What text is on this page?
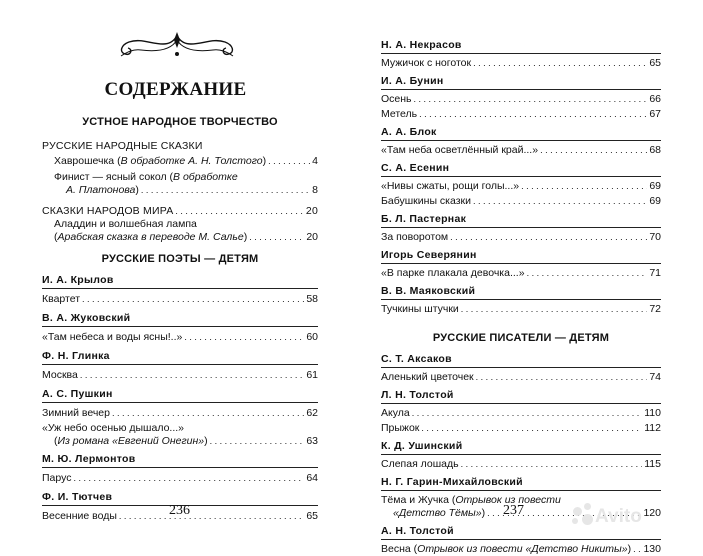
СОДЕРЖАНИЕ
УСТНОЕ НАРОДНОЕ ТВОРЧЕСТВО
РУССКИЕ НАРОДНЫЕ СКАЗКИ
Хаврошечка (В обработке А. Н. Толстого) . . .	4
Финист — ясный сокол (В обработке
А. Платонова) . . .	8
СКАЗКИ НАРОДОВ МИРА . . .	20
Аладдин и волшебная лампа
(Арабская сказка в переводе М. Салье) . . .	20
РУССКИЕ ПОЭТЫ — ДЕТЯМ
И. А. Крылов
Квартет . . .	58
В. А. Жуковский
«Там небеса и воды ясны!..» . . .	60
Ф. Н. Глинка
Москва . . .	61
А. С. Пушкин
Зимний вечер . . .	62
«Уж небо осенью дышало...»
(Из романа «Евгений Онегин») . . .	63
М. Ю. Лермонтов
Парус . . .	64
Ф. И. Тютчев
Весенние воды . . .	65
236
Н. А. Некрасов
Мужичок с ноготок . . .	65
И. А. Бунин
Осень . . .	66
Метель . . .	67
А. А. Блок
«Там неба осветлённый край...» . . .	68
С. А. Есенин
«Нивы сжаты, рощи голы...» . . .	69
Бабушкины сказки . . .	69
Б. Л. Пастернак
За поворотом . . .	70
Игорь Северянин
«В парке плакала девочка...» . . .	71
В. В. Маяковский
Тучкины штучки . . .	72
РУССКИЕ ПИСАТЕЛИ — ДЕТЯМ
С. Т. Аксаков
Аленький цветочек . . .	74
Л. Н. Толстой
Акула . . .	110
Прыжок . . .	112
К. Д. Ушинский
Слепая лошадь . . .	115
Н. Г. Гарин-Михайловский
Тёма и Жучка (Отрывок из повести
«Детство Тёмы») . . .	120
А. Н. Толстой
Весна (Отрывок из повести «Детство Никиты») . . . 130
237	Avito
